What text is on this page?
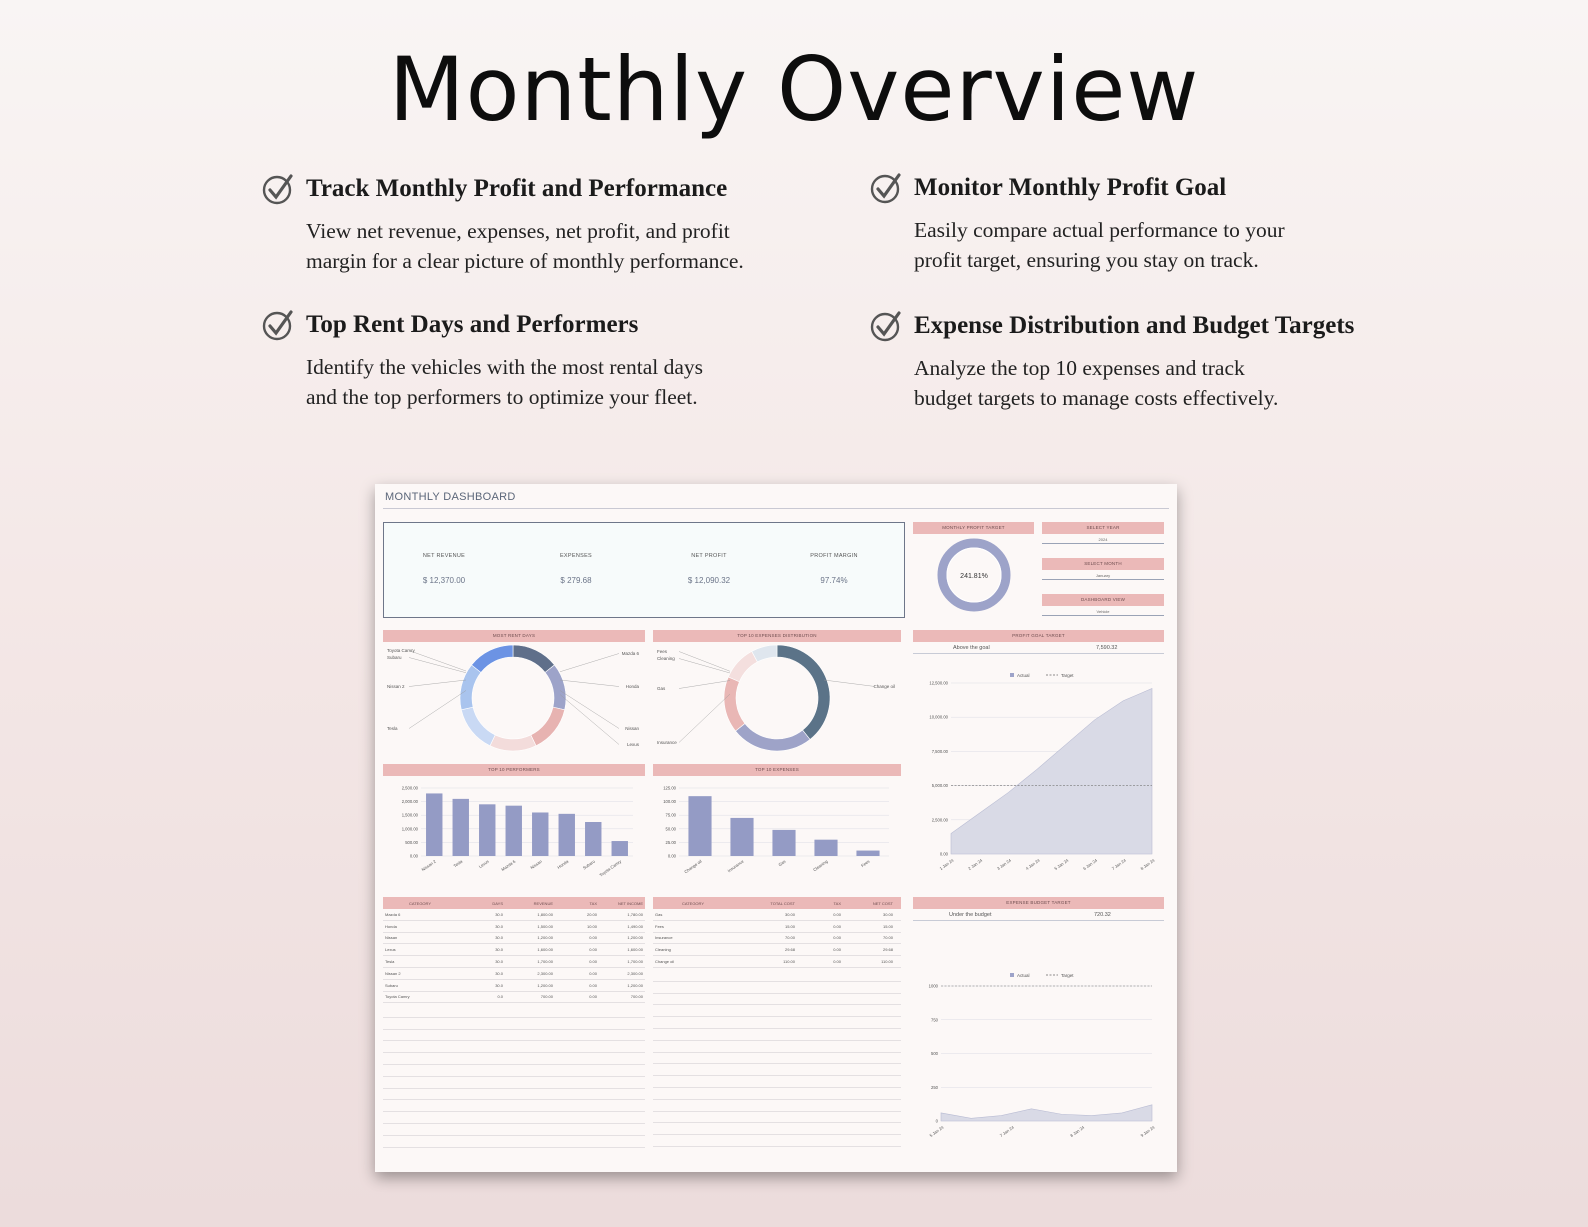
Monthly Overview
Track Monthly Profit and Performance

View net revenue, expenses, net profit, and profit
margin for a clear picture of monthly performance.

Monitor Monthly Profit Goal

Easily compare actual performance to your
profit target, ensuring you stay on track.

Top Rent Days and Performers

Identify the vehicles with the most rental days
and the top performers to optimize your fleet.

Expense Distribution and Budget Targets

Analyze the top 10 expenses and track
budget targets to manage costs effectively.

MONTHLY DASHBOARD
NET REVENUE
$ 12,370.00
EXPENSES
$ 279.68
NET PROFIT
$ 12,090.32
PROFIT MARGIN
97.74%
MONTHLY PROFIT TARGET
241.81%
SELECT YEAR
2024
SELECT MONTH
January
DASHBOARD VIEW
Vehicle
MOST RENT DAYS	TOP 10 EXPENSES DISTRIBUTION	PROFIT GOAL TARGET
Toyota Camry
Subaru
Nissan 2
Tesla
Mazda 6
Honda
Nissan
Lexus
Fees
Cleaning
Gas
Insurance
Change oil
Above the goal	7,590.32
Actual	Target
0.00
2,500.00
5,000.00
7,500.00
10,000.00
12,500.00
1 Jan 24	2 Jan 24	3 Jan 24	4 Jan 24	5 Jan 24	6 Jan 24	7 Jan 24	8 Jan 24
TOP 10 PERFORMERS	TOP 10 EXPENSES
0.00
500.00
1,000.00
1,500.00
2,000.00
2,500.00
Nissan 2	Tesla	Lexus Mazda 6	Nissan	Honda	Subaru Toyota Camry
0.00
25.00
50.00
75.00
100.00
125.00
Change oil	Insurance	Gas	Cleaning	Fees
CATEGORY	DAYS	REVENUE	TAX	NET INCOME
Mazda 6	30.0	1,800.00	20.00	1,780.00
Honda	30.0	1,500.00	10.00	1,490.00
Nissan	30.0	1,200.00	0.00	1,200.00
Lexus	30.0	1,600.00	0.00	1,600.00
Tesla	30.0	1,700.00	0.00	1,700.00
Nissan 2	30.0	2,300.00	0.00	2,300.00
Subaru	30.0	1,200.00	0.00	1,200.00
Toyota Camry	0.0	700.00	0.00	700.00
CATEGORY	TOTAL COST	TAX	NET COST
Gas	30.00	0.00	30.00
Fees	15.00	0.00	15.00
Insurance	70.00	0.00	70.00
Cleaning	29.68	0.00	29.68
Change oil	110.00	0.00	110.00
EXPENSE BUDGET TARGET
Under the budget	720.32
Actual	Target
0
250
500
750
1000
5 Jan 24	7 Jan 24	8 Jan 24	9 Jan 24
